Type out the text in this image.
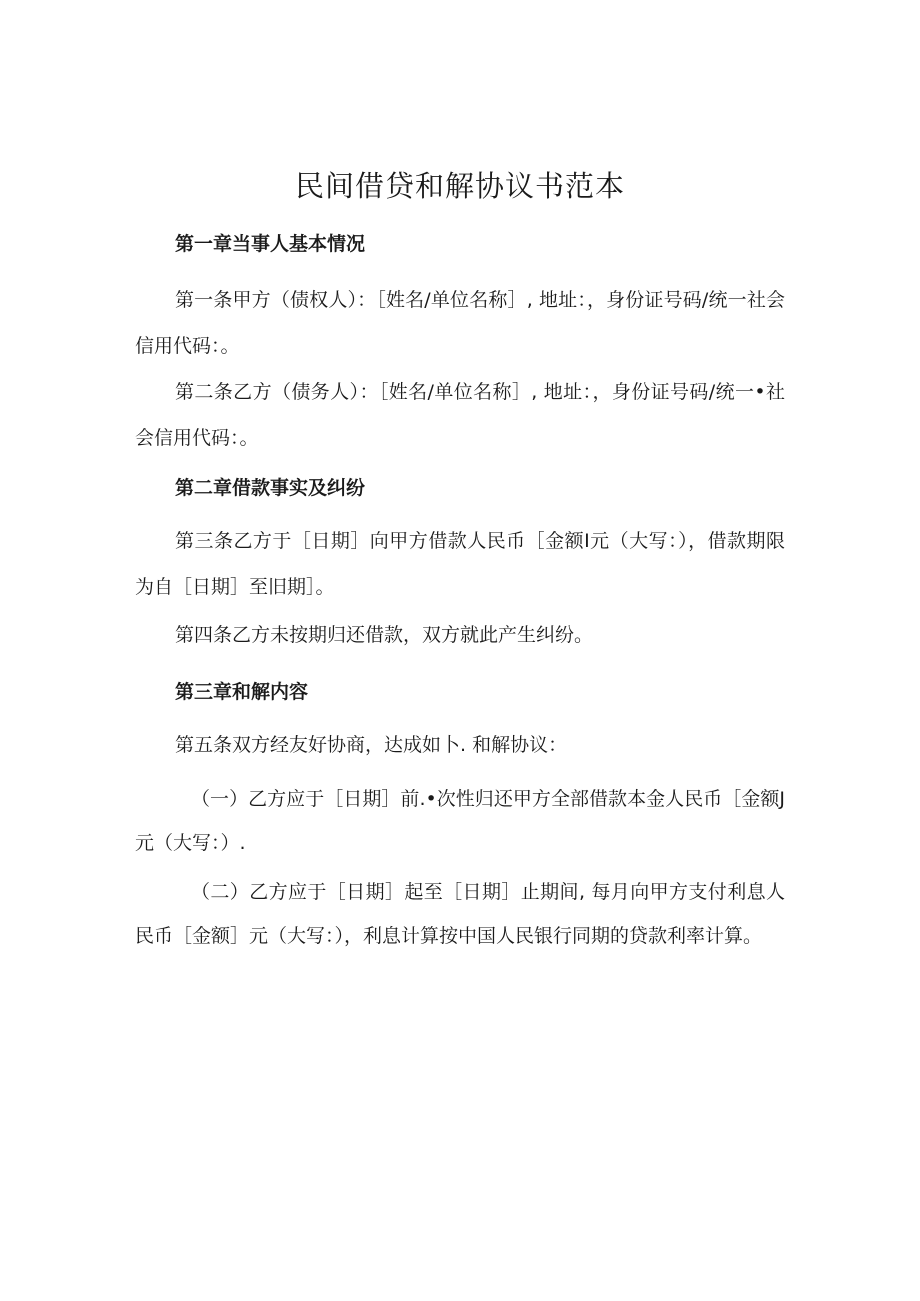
民间借贷和解协议书范本
第一章当事人基本情况

第一条甲方（债权人）：［姓名/单位名称］, 地址：，身份证号码/统一社会信用代码：。

第二条乙方（债务人）：［姓名/单位名称］, 地址：，身份证号码/统一•社会信用代码：。

第二章借款事实及纠纷

第三条乙方于［日期］向甲方借款人民币［金额I元（大写：），借款期限为自［日期］至旧期］。

第四条乙方未按期归还借款，双方就此产生纠纷。

第三章和解内容

第五条双方经友好协商，达成如卜. 和解协议：

（一）乙方应于［日期］前.•次性归还甲方全部借款本金人民币［金额J元（大写：）.

（二）乙方应于［日期］起至［日期］止期间, 每月向甲方支付利息人民币［金额］元（大写：），利息计算按中国人民银行同期的贷款利率计算。
